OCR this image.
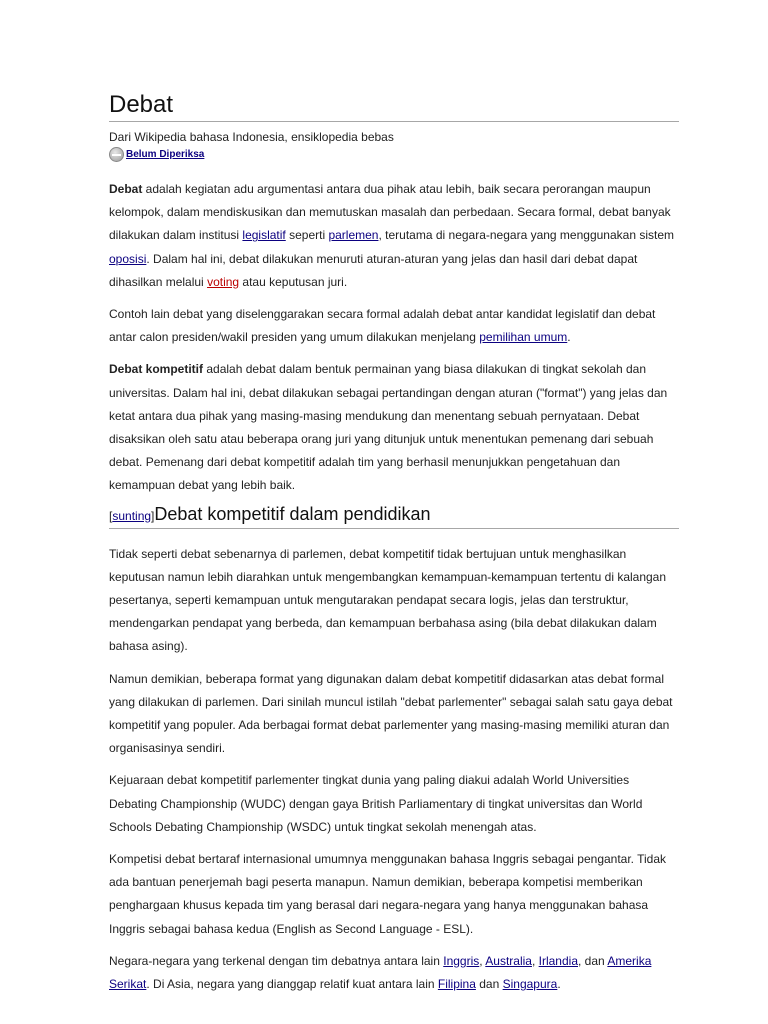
Debat
Dari Wikipedia bahasa Indonesia, ensiklopedia bebas
Belum Diperiksa

Debat adalah kegiatan adu argumentasi antara dua pihak atau lebih, baik secara perorangan maupun kelompok, dalam mendiskusikan dan memutuskan masalah dan perbedaan. Secara formal, debat banyak dilakukan dalam institusi legislatif seperti parlemen, terutama di negara-negara yang menggunakan sistem oposisi. Dalam hal ini, debat dilakukan menuruti aturan-aturan yang jelas dan hasil dari debat dapat dihasilkan melalui voting atau keputusan juri.

Contoh lain debat yang diselenggarakan secara formal adalah debat antar kandidat legislatif dan debat antar calon presiden/wakil presiden yang umum dilakukan menjelang pemilihan umum.

Debat kompetitif adalah debat dalam bentuk permainan yang biasa dilakukan di tingkat sekolah dan universitas. Dalam hal ini, debat dilakukan sebagai pertandingan dengan aturan ("format") yang jelas dan ketat antara dua pihak yang masing-masing mendukung dan menentang sebuah pernyataan. Debat disaksikan oleh satu atau beberapa orang juri yang ditunjuk untuk menentukan pemenang dari sebuah debat. Pemenang dari debat kompetitif adalah tim yang berhasil menunjukkan pengetahuan dan kemampuan debat yang lebih baik.

[sunting] Debat kompetitif dalam pendidikan

Tidak seperti debat sebenarnya di parlemen, debat kompetitif tidak bertujuan untuk menghasilkan keputusan namun lebih diarahkan untuk mengembangkan kemampuan-kemampuan tertentu di kalangan pesertanya, seperti kemampuan untuk mengutarakan pendapat secara logis, jelas dan terstruktur, mendengarkan pendapat yang berbeda, dan kemampuan berbahasa asing (bila debat dilakukan dalam bahasa asing).

Namun demikian, beberapa format yang digunakan dalam debat kompetitif didasarkan atas debat formal yang dilakukan di parlemen. Dari sinilah muncul istilah "debat parlementer" sebagai salah satu gaya debat kompetitif yang populer. Ada berbagai format debat parlementer yang masing-masing memiliki aturan dan organisasinya sendiri.

Kejuaraan debat kompetitif parlementer tingkat dunia yang paling diakui adalah World Universities Debating Championship (WUDC) dengan gaya British Parliamentary di tingkat universitas dan World Schools Debating Championship (WSDC) untuk tingkat sekolah menengah atas.

Kompetisi debat bertaraf internasional umumnya menggunakan bahasa Inggris sebagai pengantar. Tidak ada bantuan penerjemah bagi peserta manapun. Namun demikian, beberapa kompetisi memberikan penghargaan khusus kepada tim yang berasal dari negara-negara yang hanya menggunakan bahasa Inggris sebagai bahasa kedua (English as Second Language - ESL).

Negara-negara yang terkenal dengan tim debatnya antara lain Inggris, Australia, Irlandia, dan Amerika Serikat. Di Asia, negara yang dianggap relatif kuat antara lain Filipina dan Singapura.
